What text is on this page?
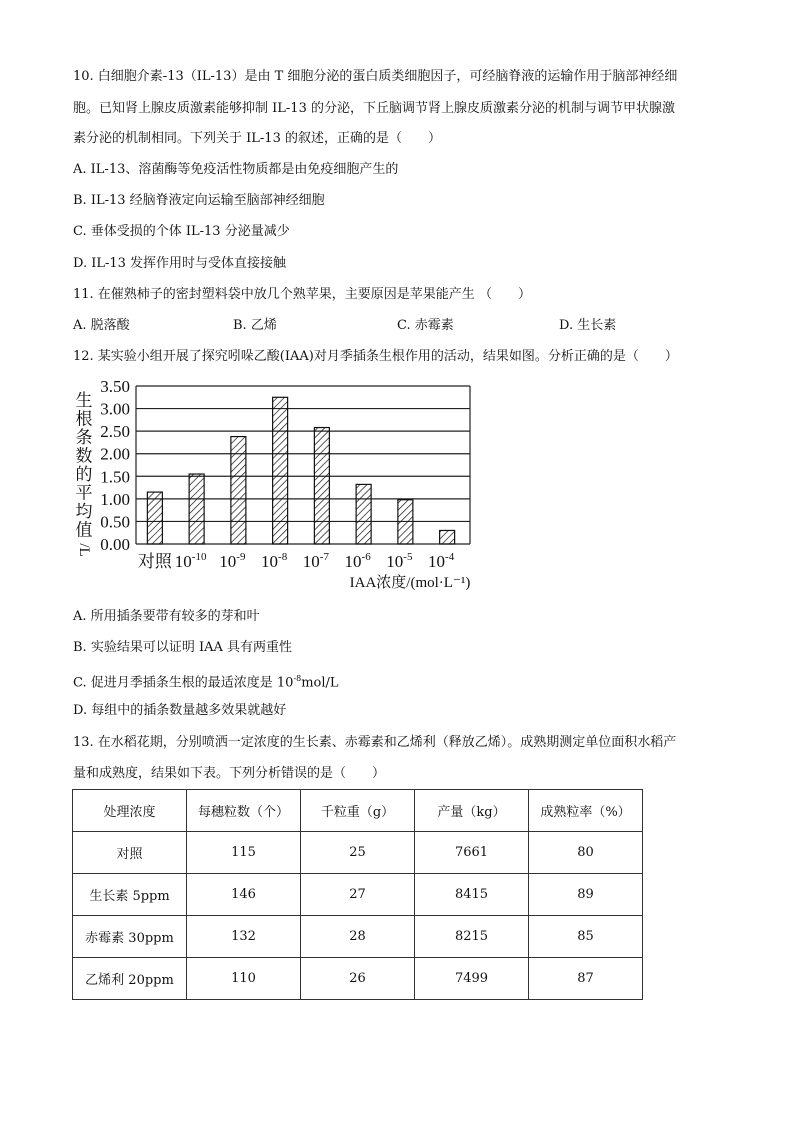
10. 白细胞介素-13（IL-13）是由 T 细胞分泌的蛋白质类细胞因子，可经脑脊液的运输作用于脑部神经细
胞。已知肾上腺皮质激素能够抑制 IL-13 的分泌，下丘脑调节肾上腺皮质激素分泌的机制与调节甲状腺激
素分泌的机制相同。下列关于 IL-13 的叙述，正确的是（　　）
A. IL-13、溶菌酶等免疫活性物质都是由免疫细胞产生的
B. IL-13 经脑脊液定向运输至脑部神经细胞
C. 垂体受损的个体 IL-13 分泌量减少
D. IL-13 发挥作用时与受体直接接触
11. 在催熟柿子的密封塑料袋中放几个熟苹果，主要原因是苹果能产生 （　　）
A. 脱落酸	B. 乙烯	C. 赤霉素	D. 生长素
12. 某实验小组开展了探究吲哚乙酸(IAA)对月季插条生根作用的活动，结果如图。分析正确的是（　　）
生
根
条
数
的
平
均
值
/L 0.00
0.50
1.00
1.50
2.00
2.50
3.00
3.50
对照 $10^{-10}$ $10^{-9}$ $10^{-8}$ $10^{-7}$ $10^{-6}$ $10^{-5}$ $10^{-4}$
IAA浓度/(mol·L⁻¹)
A. 所用插条要带有较多的芽和叶
B. 实验结果可以证明 IAA 具有两重性
C. 促进月季插条生根的最适浓度是 $10^{-8}mol/L$
D. 每组中的插条数量越多效果就越好
13. 在水稻花期，分别喷洒一定浓度的生长素、赤霉素和乙烯利（释放乙烯）。成熟期测定单位面积水稻产
量和成熟度，结果如下表。下列分析错误的是（　　）
处理浓度	每穗粒数（个）	千粒重（g）	产量（kg）	成熟粒率（%）
对照	115	25	7661	80
生长素 5ppm	146	27	8415	89
赤霉素 30ppm	132	28	8215	85
乙烯利 20ppm	110	26	7499	87
